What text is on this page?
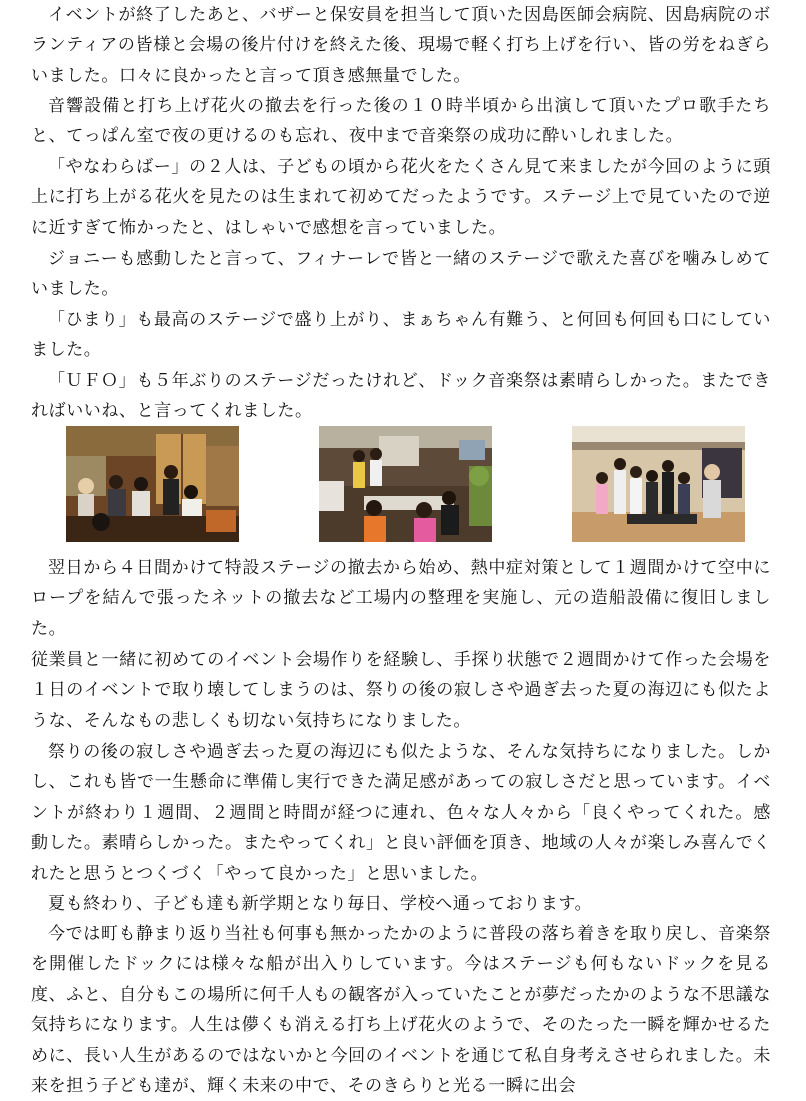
イベントが終了したあと、バザーと保安員を担当して頂いた因島医師会病院、因島病院のボランティアの皆様と会場の後片付けを終えた後、現場で軽く打ち上げを行い、皆の労をねぎらいました。口々に良かったと言って頂き感無量でした。

音響設備と打ち上げ花火の撤去を行った後の１０時半頃から出演して頂いたプロ歌手たちと、てっぱん室で夜の更けるのも忘れ、夜中まで音楽祭の成功に酔いしれました。

「やなわらばー」の２人は、子どもの頃から花火をたくさん見て来ましたが今回のように頭上に打ち上がる花火を見たのは生まれて初めてだったようです。ステージ上で見ていたので逆に近すぎて怖かったと、はしゃいで感想を言っていました。

ジョニーも感動したと言って、フィナーレで皆と一緒のステージで歌えた喜びを噛みしめていました。

「ひまり」も最高のステージで盛り上がり、まぁちゃん有難う、と何回も何回も口にしていました。

「ＵＦＯ」も５年ぶりのステージだったけれど、ドック音楽祭は素晴らしかった。またできればいいね、と言ってくれました。

翌日から４日間かけて特設ステージの撤去から始め、熱中症対策として１週間かけて空中にロープを結んで張ったネットの撤去など工場内の整理を実施し、元の造船設備に復旧しました。

従業員と一緒に初めてのイベント会場作りを経験し、手探り状態で２週間かけて作った会場を１日のイベントで取り壊してしまうのは、祭りの後の寂しさや過ぎ去った夏の海辺にも似たような、そんなもの悲しくも切ない気持ちになりました。

祭りの後の寂しさや過ぎ去った夏の海辺にも似たような、そんな気持ちになりました。しかし、これも皆で一生懸命に準備し実行できた満足感があっての寂しさだと思っています。イベントが終わり１週間、２週間と時間が経つに連れ、色々な人々から「良くやってくれた。感動した。素晴らしかった。またやってくれ」と良い評価を頂き、地域の人々が楽しみ喜んでくれたと思うとつくづく「やって良かった」と思いました。

夏も終わり、子ども達も新学期となり毎日、学校へ通っております。

今では町も静まり返り当社も何事も無かったかのように普段の落ち着きを取り戻し、音楽祭を開催したドックには様々な船が出入りしています。今はステージも何もないドックを見る度、ふと、自分もこの場所に何千人もの観客が入っていたことが夢だったかのような不思議な気持ちになります。人生は儚くも消える打ち上げ花火のようで、そのたった一瞬を輝かせるために、長い人生があるのではないかと今回のイベントを通じて私自身考えさせられました。未来を担う子ども達が、輝く未来の中で、そのきらりと光る一瞬に出会
